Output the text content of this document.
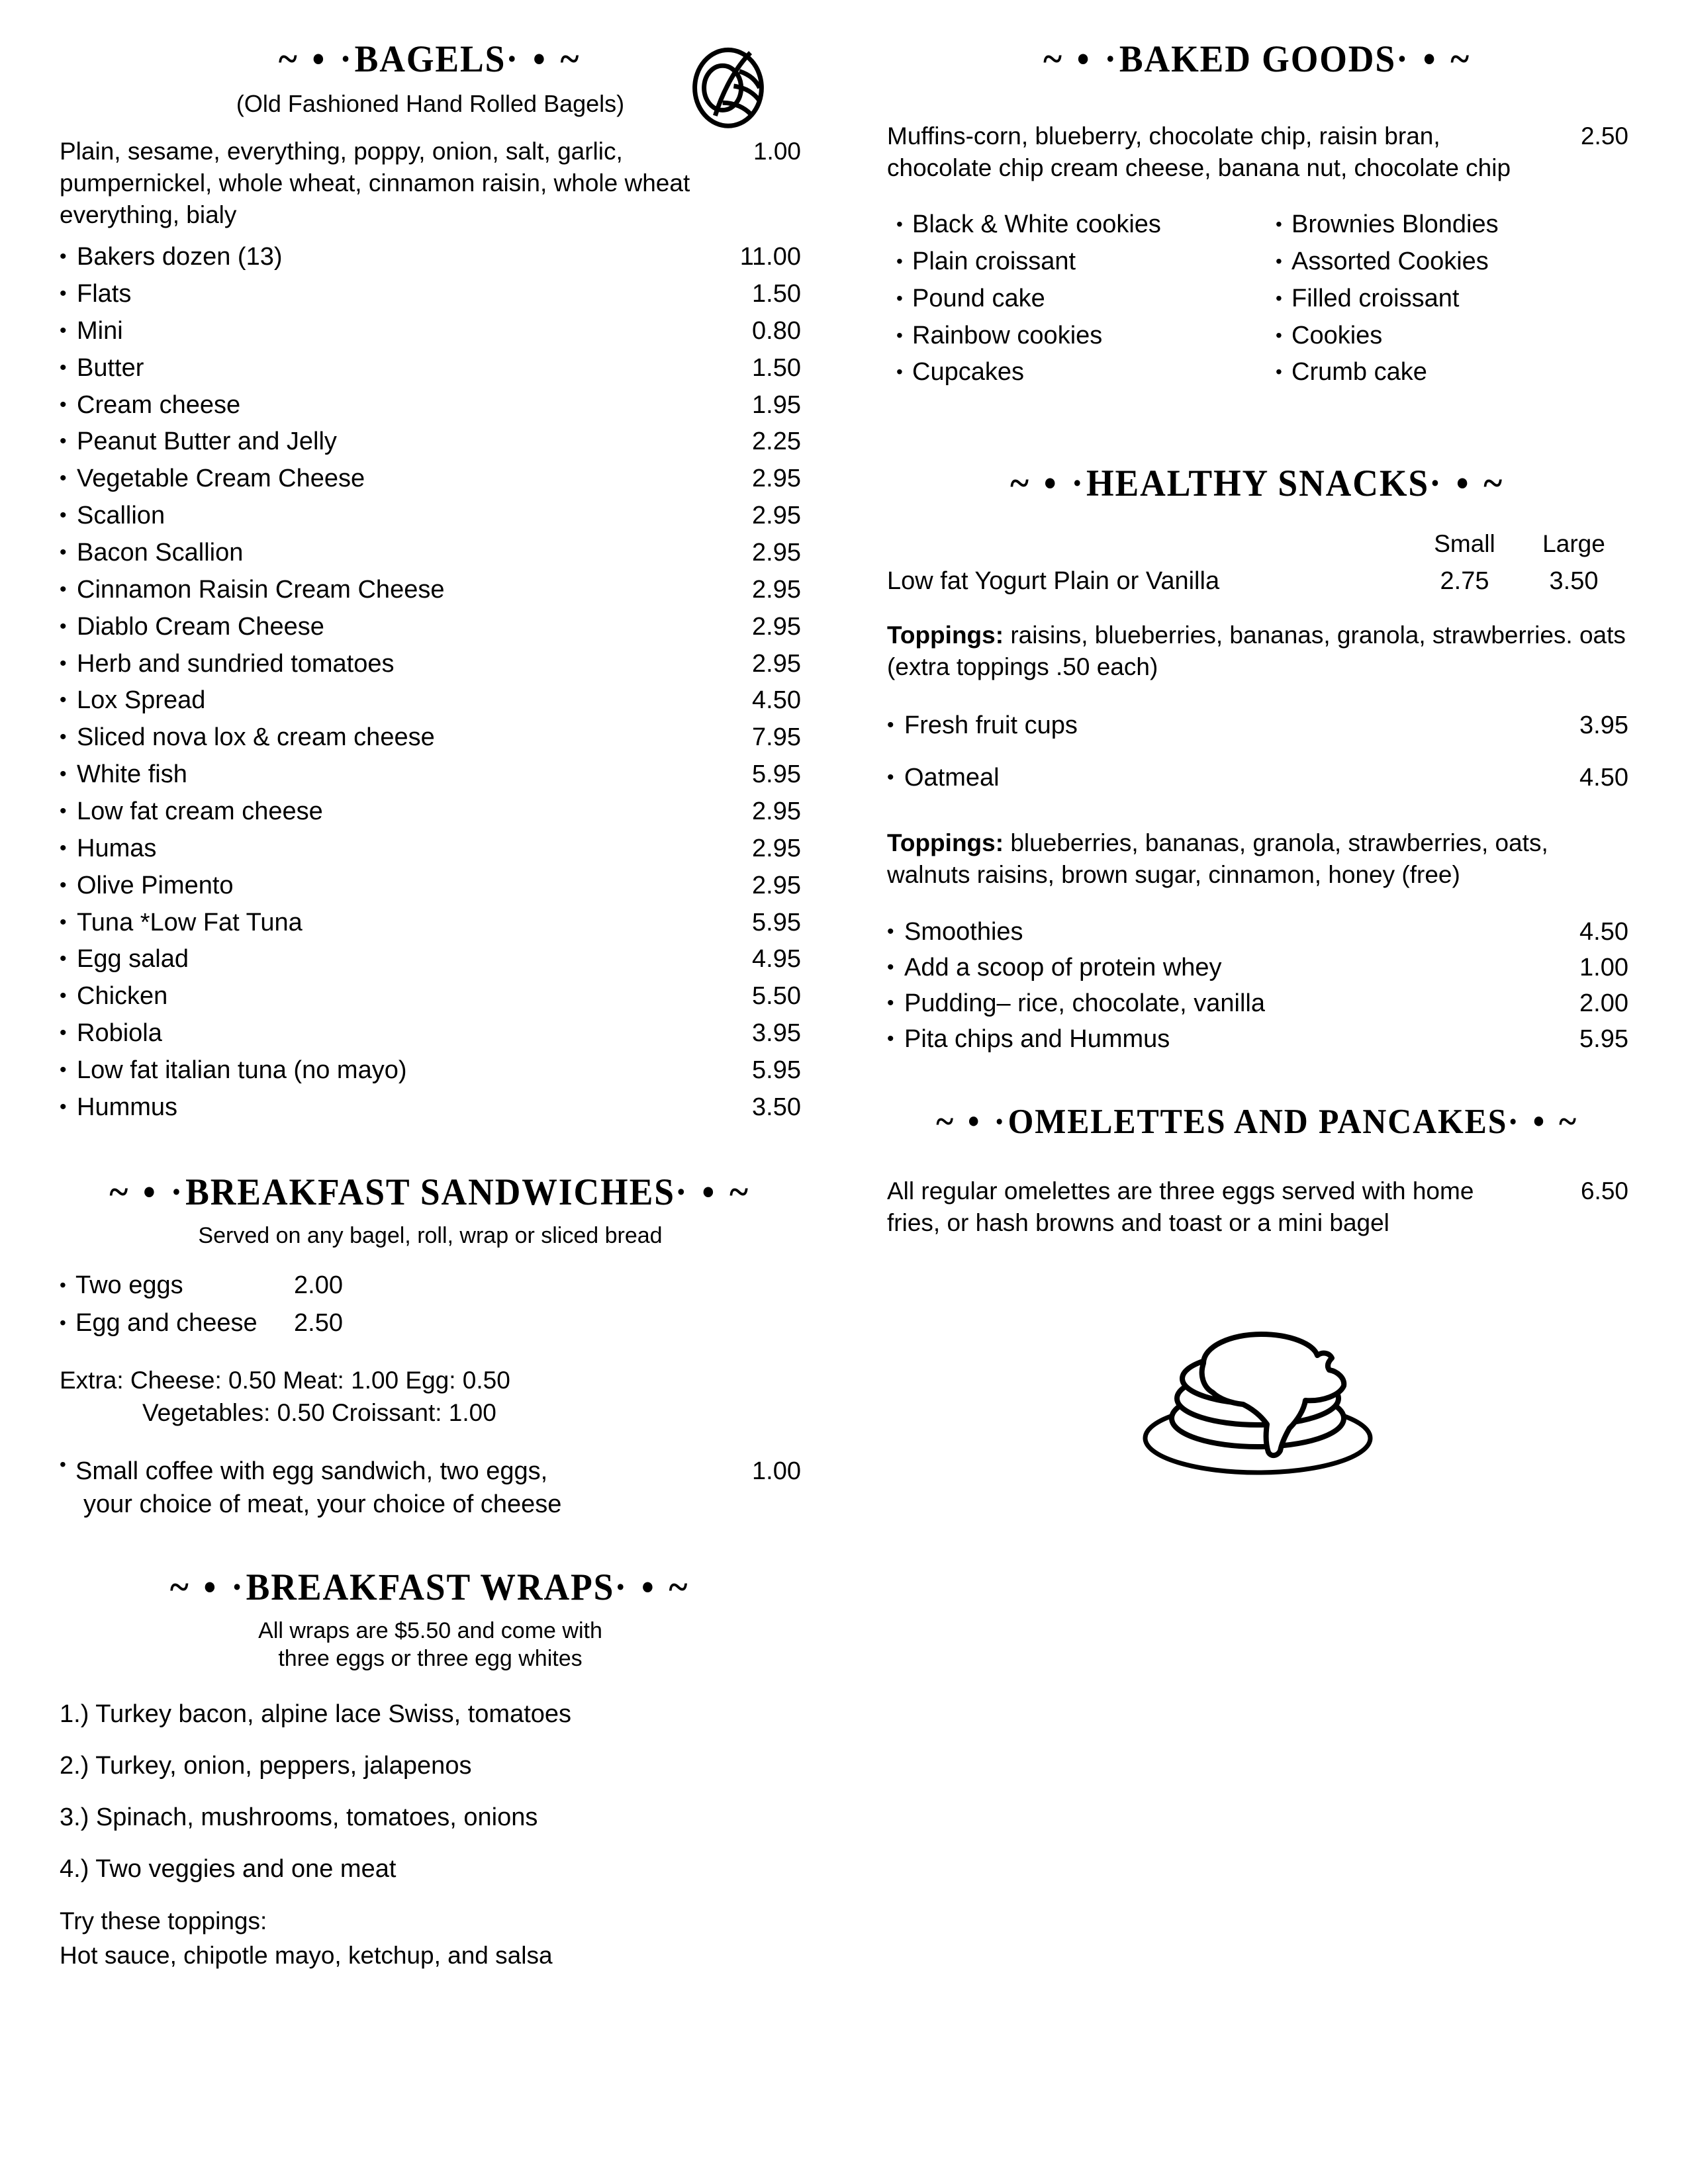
~ • ·BAGELS· • ~

(Old Fashioned Hand Rolled Bagels)

Plain, sesame, everything, poppy, onion, salt, garlic, pumpernickel, whole wheat, cinnamon raisin, whole wheat everything, bialy
1.00
• Bakers dozen (13)	11.00
• Flats	1.50
• Mini	0.80
• Butter	1.50
• Cream cheese	1.95
• Peanut Butter and Jelly	2.25
• Vegetable Cream Cheese	2.95
• Scallion	2.95
• Bacon Scallion	2.95
• Cinnamon Raisin Cream Cheese	2.95
• Diablo Cream Cheese	2.95
• Herb and sundried tomatoes	2.95
• Lox Spread	4.50
• Sliced nova lox & cream cheese	7.95
• White fish	5.95
• Low fat cream cheese	2.95
• Humas	2.95
• Olive Pimento	2.95
• Tuna *Low Fat Tuna	5.95
• Egg salad	4.95
• Chicken	5.50
• Robiola	3.95
• Low fat italian tuna (no mayo)	5.95
• Hummus	3.50
~ • ·BREAKFAST SANDWICHES· • ~

Served on any bagel, roll, wrap or sliced bread

• Two eggs	2.00
• Egg and cheese	2.50
Extra: Cheese: 0.50 Meat: 1.00 Egg: 0.50
Vegetables: 0.50 Croissant: 1.00
• Small coffee with egg sandwich, two eggs,
your choice of meat, your choice of cheese
1.00
~ • ·BREAKFAST WRAPS· • ~

All wraps are $5.50 and come with
three eggs or three egg whites

1.) Turkey bacon, alpine lace Swiss, tomatoes
2.) Turkey, onion, peppers, jalapenos
3.) Spinach, mushrooms, tomatoes, onions
4.) Two veggies and one meat
Try these toppings:
Hot sauce, chipotle mayo, ketchup, and salsa
~ • ·BAKED GOODS· • ~
Muffins-corn, blueberry, chocolate chip, raisin bran, chocolate chip cream cheese, banana nut, chocolate chip
2.50
• Black & White cookies
• Plain croissant
• Pound cake
• Rainbow cookies
• Cupcakes
• Brownies Blondies
• Assorted Cookies
• Filled croissant
• Cookies
• Crumb cake
~ • ·HEALTHY SNACKS· • ~
Small	Large
Low fat Yogurt Plain or Vanilla	2.75	3.50
Toppings: raisins, blueberries, bananas, granola, strawberries. oats (extra toppings .50 each)
• Fresh fruit cups	3.95
• Oatmeal	4.50
Toppings: blueberries, bananas, granola, strawberries, oats, walnuts raisins, brown sugar, cinnamon, honey (free)
• Smoothies	4.50
• Add a scoop of protein whey	1.00
• Pudding– rice, chocolate, vanilla	2.00
• Pita chips and Hummus	5.95
~ • ·OMELETTES AND PANCAKES· • ~
All regular omelettes are three eggs served with home fries, or hash browns and toast or a mini bagel
6.50
